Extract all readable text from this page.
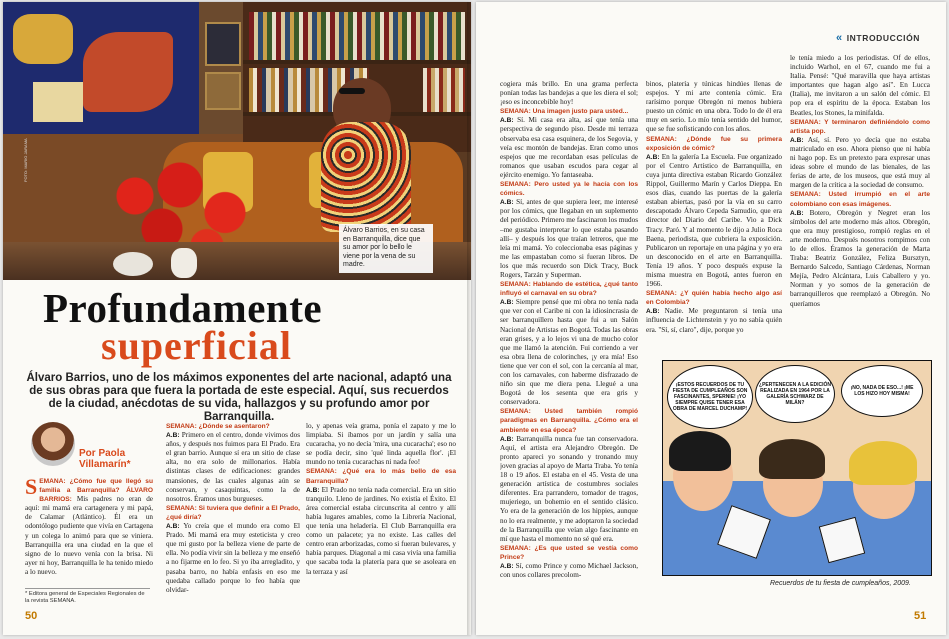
FOTO: MARIO JARAMA
Álvaro Barrios, en su casa en Barranquilla, dice que su amor por lo bello le viene por la vena de su madre.
Profundamente
superficial
Álvaro Barrios, uno de los máximos exponentes del arte nacional, adaptó una de sus obras para que fuera la portada de este especial. Aquí, sus recuerdos de la ciudad, anécdotas de su vida, hallazgos y su profundo amor por Barranquilla.
Por Paola
Villamarín*

SEMANA: ¿Cómo fue que llegó su familia a Barranquilla? ÁLVARO BARRIOS: Mis padres no eran de aquí: mi mamá era cartagenera y mi papá, de Calamar (Atlántico). Él era un odontólogo pudiente que vivía en Cartagena y un colega lo animó para que se viniera. Barranquilla era una ciudad en la que el signo de lo nuevo venía con la brisa. Ni ayer ni hoy, Barranquilla le ha tenido miedo a lo nuevo.

* Editora general de Especiales Regionales de la revista SEMANA.

SEMANA: ¿Dónde se asentaron?

A.B: Primero en el centro, donde vivimos dos años, y después nos fuimos para El Prado. Era el gran barrio. Aunque sí era un sitio de clase alta, no era solo de millonarios. Había distintas clases de edificaciones: grandes mansiones, de las cuales algunas aún se conservan, y casaquintas, como la de nosotros. Éramos unos burgueses.

SEMANA: Si tuviera que definir a El Prado, ¿qué diría?

A.B: Yo creía que el mundo era como El Prado. Mi mamá era muy esteticista y creo que mi gusto por la belleza viene de parte de ella. No podía vivir sin la belleza y me enseñó a no fijarme en lo feo. Si yo iba arregladito, y pasaba barro, no había enfasis en eso me quedaba callado porque lo feo había que olvidar-

lo, y apenas veía grama, ponía el zapato y me lo limpiaba. Si íbamos por un jardín y salía una cucaracha, yo no decía 'mira, una cucaracha'; eso no se podía decir, sino 'qué linda aquella flor'. ¡El mundo no tenía cucarachas ni nada feo!

SEMANA: ¿Qué era lo más bello de esa Barranquilla?

A.B: El Prado no tenía nada comercial. Era un sitio tranquilo. Lleno de jardines. No existía el Éxito. El área comercial estaba circunscrita al centro y allí había lugares amables, como la Librería Nacional, que tenía una heladería. El Club Barranquilla era como un palacete; ya no existe. Las calles del centro eran arborizadas, como si fueran bulevares, y había parques. Diagonal a mi casa vivía una familia que sacaba toda la platería para que se asoleara en la terraza y así

50
« INTRODUCCIÓN

cogiera más brillo. En una grama perfecta ponían todas las bandejas a que les diera el sol; ¡eso es inconcebible hoy!

SEMANA: Una imagen justo para usted...

A.B: Sí. Mi casa era alta, así que tenía una perspectiva de segundo piso. Desde mi terraza observaba esa casa esquinera, de los Segovia, y veía esc montón de bandejas. Eran como unos espejos que me recordaban esas películas de romanos que usaban escudos para cegar al ejército enemigo. Yo fantaseaba.

SEMANA: Pero usted ya le hacía con los cómics.

A.B: Sí, antes de que supiera leer, me interesé por los cómics, que llegaban en un suplemento del periódico. Primero me fascinaron los mudos –me gustaba interpretar lo que estaba pasando allí– y después los que traían letreros, que me leía mi mamá. Yo coleccionaba esas páginas y me las empastaban como si fueran libros. De los que más recuerdo son Dick Tracy, Buck Rogers, Tarzán y Superman.

SEMANA: Hablando de estética, ¿qué tanto influyó el carnaval en su obra?

A.B: Siempre pensé que mi obra no tenía nada que ver con el Caribe ni con la idiosincrasia de ser barranquillero hasta que fui a un Salón Nacional de Artistas en Bogotá. Todas las obras eran grises, y a lo lejos vi una de mucho color que me llamó la atención. Fui corriendo a ver esa obra llena de colorinches, ¡y era mía! Eso tiene que ver con el sol, con la cercanía al mar, con los carnavales, con haberme disfrazado de niño sin que me diera pena. Llegué a una Bogotá de los sesenta que era gris y conservadora.

SEMANA: Usted también rompió paradigmas en Barranquilla. ¿Cómo era el ambiente en esa época?

A.B: Barranquilla nunca fue tan conservadora. Aquí, el artista era Alejandro Obregón. De pronto apareci yo sonando y tronando muy joven gracias al apoyo de Marta Traba. Yo tenía 18 o 19 años. El estaba en el 45. Vesta de una generación artística de costumbres sociales diferentes. Era parrandero, tomador de tragos, mujeriego, un bohemio en el sentido clásico. Yo era de la generación de los hippies, aunque no lo era realmente, y me adoptaron la sociedad de la Barranquilla que veían algo fascinante en mí que hasta el momento no sé qué era.

SEMANA: ¿Es que usted se vestía como Prince?

A.B: Sí, como Prince y como Michael Jackson, con unos collares precolom-

binos, platería y túnicas hindúes llenas de espejos. Y mi arte contenía cómic. Era rarísimo porque Obregón ni menos hubiera puesto un cómic en una obra. Todo lo de él era muy en serio. Lo mío tenía sentido del humor, que se fue sofisticando con los años.

SEMANA: ¿Dónde fue su primera exposición de cómic?

A.B: En la galería La Escuela. Fue organizado por el Centro Artístico de Barranquilla, en cuya junta directiva estaban Ricardo González Rippol, Guillermo Marín y Carlos Dieppa. En esos días, cuando las puertas de la galería estaban abiertas, pasó por la vía en su carro descapotado Álvaro Cepeda Samudio, que era director del Diario del Caribe. Vio a Dick Tracy. Paró. Y al momento le dijo a Julio Roca Baena, periodista, que cubriera la exposición. Publicaron un reportaje en una página y yo era un desconocido en el arte en Barranquilla. Tenía 19 años. Y poco después expuse la misma muestra en Bogotá, antes fueron en 1966.

SEMANA: ¿Y quién había hecho algo así en Colombia?

A.B: Nadie. Me preguntaron si tenía una influencia de Lichtenstein y yo no sabía quién era. "Sí, sí, claro", dije, porque yo

le tenía miedo a los periodistas. Of de ellos, incluido Warhol, en el 67, cuando me fui a Italia. Pensé: "Qué maravilla que haya artistas importantes que hagan algo así". En Lucca (Italia), me invitaron a un salón del cómic. El pop era el espíritu de la época. Estaban los Beatles, los Stones, la minifalda.

SEMANA: Y terminaron definiéndolo como artista pop.

A.B: Así, sí. Pero yo decía que no estaba matriculado en eso. Ahora pienso que ni había ni hago pop. Es un pretexto para expresar unas ideas sobre el mundo de las bienales, de las ferias de arte, de los museos, que está muy al margen de la crítica a la sociedad de consumo.

SEMANA: Usted irrumpió en el arte colombiano con esas imágenes.

A.B: Botero, Obregón y Negret eran los símbolos del arte moderno más altos. Obregón, que era muy prestigioso, rompió reglas en el arte moderno. Después nosotros rompimos con lo de ellos. Éramos la generación de Marta Traba: Beatriz González, Feliza Bursztyn, Bernardo Salcedo, Santiago Cárdenas, Norman Mejía, Pedro Alcántara, Luis Caballero y yo. Norman y yo somos de la generación de barranquilleros que reemplazó a Obregón. No queríamos

¡ESTOS RECUERDOS DE TU FIESTA DE CUMPLEAÑOS SON FASCINANTES, SPERNIE! ¡YO SIEMPRE QUISE TENER ESA OBRA DE MARCEL DUCHAMP!
¿PERTENECEN A LA EDICIÓN REALIZADA EN 1964 POR LA GALERÍA SCHWARZ DE MILÁN?
¡NO, NADA DE ESO...! ¡ME LOS HIZO HOY MISMA!
Recuerdos de tu fiesta de cumpleaños, 2009.
51
